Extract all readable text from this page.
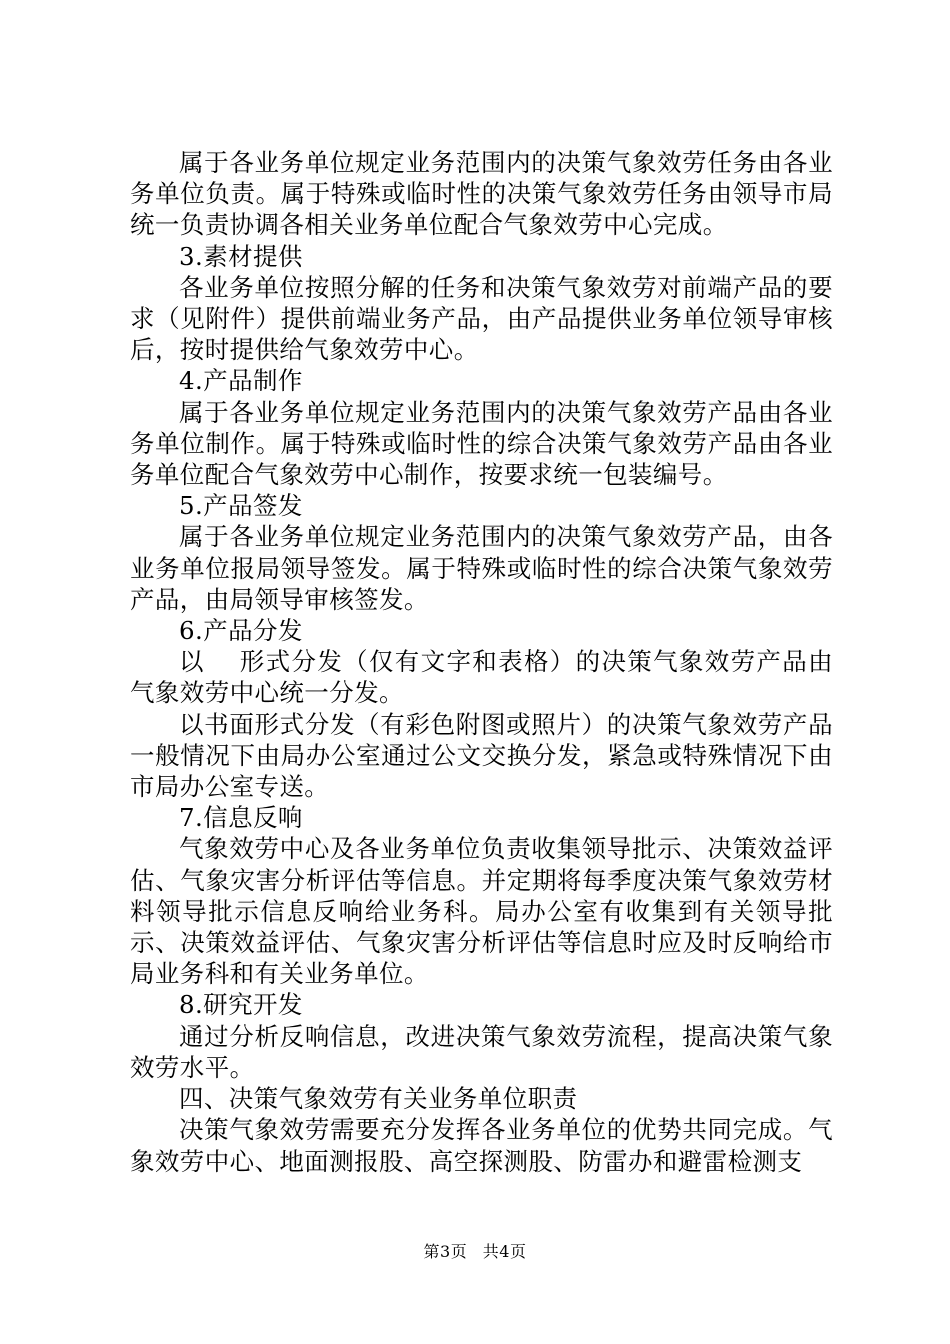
属于各业务单位规定业务范围内的决策气象效劳任务由各业务单位负责。属于特殊或临时性的决策气象效劳任务由领导市局统一负责协调各相关业务单位配合气象效劳中心完成。

3.素材提供

各业务单位按照分解的任务和决策气象效劳对前端产品的要求（见附件）提供前端业务产品，由产品提供业务单位领导审核后，按时提供给气象效劳中心。

4.产品制作

属于各业务单位规定业务范围内的决策气象效劳产品由各业务单位制作。属于特殊或临时性的综合决策气象效劳产品由各业务单位配合气象效劳中心制作，按要求统一包装编号。

5.产品签发

属于各业务单位规定业务范围内的决策气象效劳产品，由各业务单位报局领导签发。属于特殊或临时性的综合决策气象效劳产品，由局领导审核签发。

6.产品分发

以　 形式分发（仅有文字和表格）的决策气象效劳产品由气象效劳中心统一分发。

以书面形式分发（有彩色附图或照片）的决策气象效劳产品一般情况下由局办公室通过公文交换分发，紧急或特殊情况下由市局办公室专送。

7.信息反响

气象效劳中心及各业务单位负责收集领导批示、决策效益评估、气象灾害分析评估等信息。并定期将每季度决策气象效劳材料领导批示信息反响给业务科。局办公室有收集到有关领导批示、决策效益评估、气象灾害分析评估等信息时应及时反响给市局业务科和有关业务单位。

8.研究开发

通过分析反响信息，改进决策气象效劳流程，提高决策气象效劳水平。

四、决策气象效劳有关业务单位职责

决策气象效劳需要充分发挥各业务单位的优势共同完成。气象效劳中心、地面测报股、高空探测股、防雷办和避雷检测支

第3页 共4页
